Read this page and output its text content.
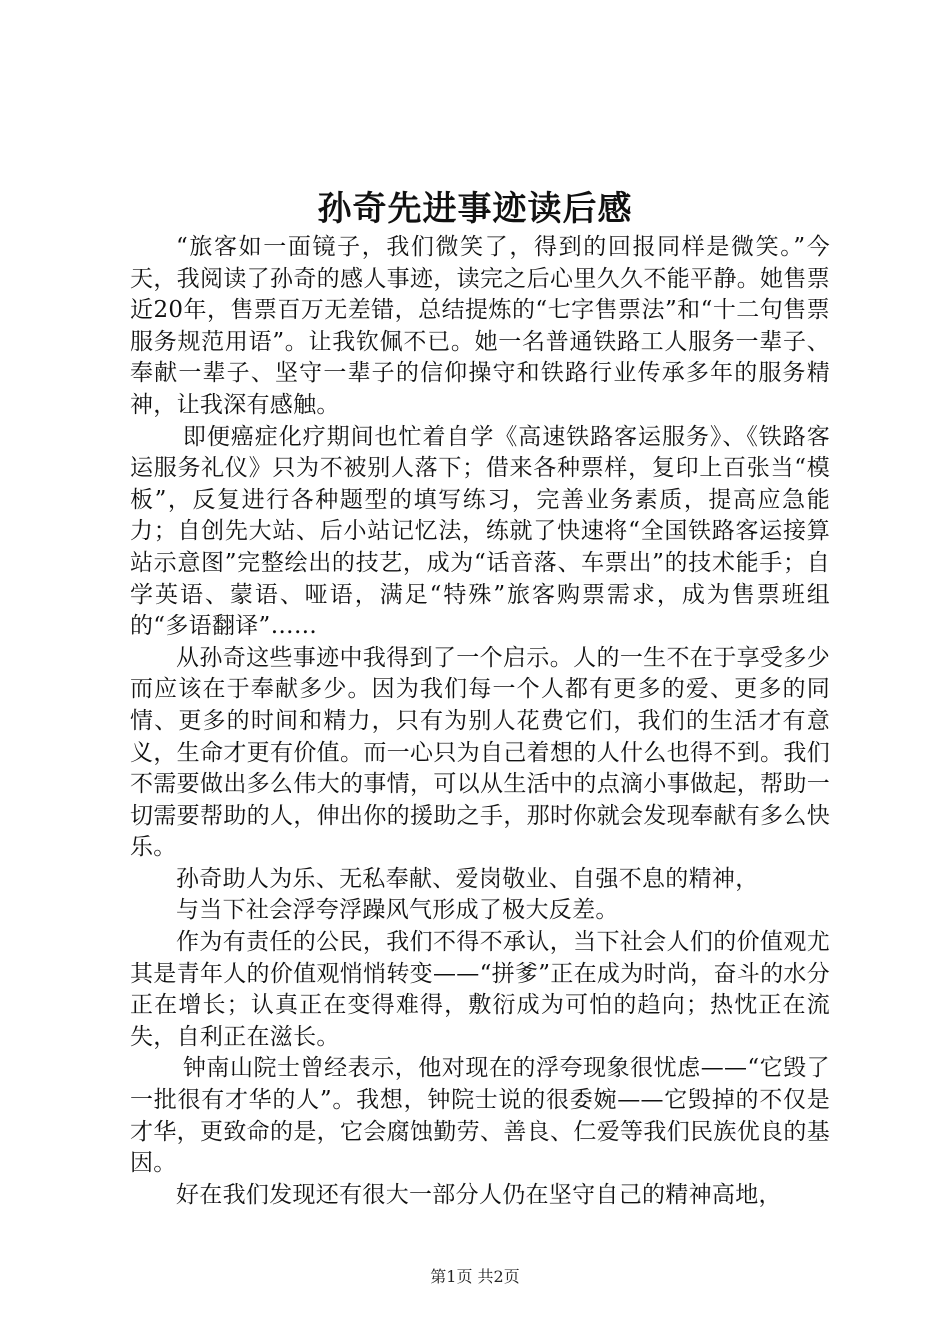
孙奇先进事迹读后感

“旅客如一面镜子，我们微笑了，得到的回报同样是微笑。”今天，我阅读了孙奇的感人事迹，读完之后心里久久不能平静。她售票近20年，售票百万无差错，总结提炼的“七字售票法”和“十二句售票服务规范用语”。让我钦佩不已。她一名普通铁路工人服务一辈子、奉献一辈子、坚守一辈子的信仰操守和铁路行业传承多年的服务精神，让我深有感触。

即便癌症化疗期间也忙着自学《高速铁路客运服务》、《铁路客运服务礼仪》只为不被别人落下；借来各种票样，复印上百张当“模板”，反复进行各种题型的填写练习，完善业务素质，提高应急能力；自创先大站、后小站记忆法，练就了快速将“全国铁路客运接算站示意图”完整绘出的技艺，成为“话音落、车票出”的技术能手；自学英语、蒙语、哑语，满足“特殊”旅客购票需求，成为售票班组的“多语翻译”……

从孙奇这些事迹中我得到了一个启示。人的一生不在于享受多少而应该在于奉献多少。因为我们每一个人都有更多的爱、更多的同情、更多的时间和精力，只有为别人花费它们，我们的生活才有意义，生命才更有价值。而一心只为自己着想的人什么也得不到。我们不需要做出多么伟大的事情，可以从生活中的点滴小事做起，帮助一切需要帮助的人，伸出你的援助之手，那时你就会发现奉献有多么快乐。

孙奇助人为乐、无私奉献、爱岗敬业、自强不息的精神，

与当下社会浮夸浮躁风气形成了极大反差。

作为有责任的公民，我们不得不承认，当下社会人们的价值观尤其是青年人的价值观悄悄转变——“拼爹”正在成为时尚，奋斗的水分正在增长；认真正在变得难得，敷衍成为可怕的趋向；热忱正在流失，自利正在滋长。

钟南山院士曾经表示，他对现在的浮夸现象很忧虑——“它毁了一批很有才华的人”。我想，钟院士说的很委婉——它毁掉的不仅是才华，更致命的是，它会腐蚀勤劳、善良、仁爱等我们民族优良的基因。

好在我们发现还有很大一部分人仍在坚守自己的精神高地，

第1页 共2页
